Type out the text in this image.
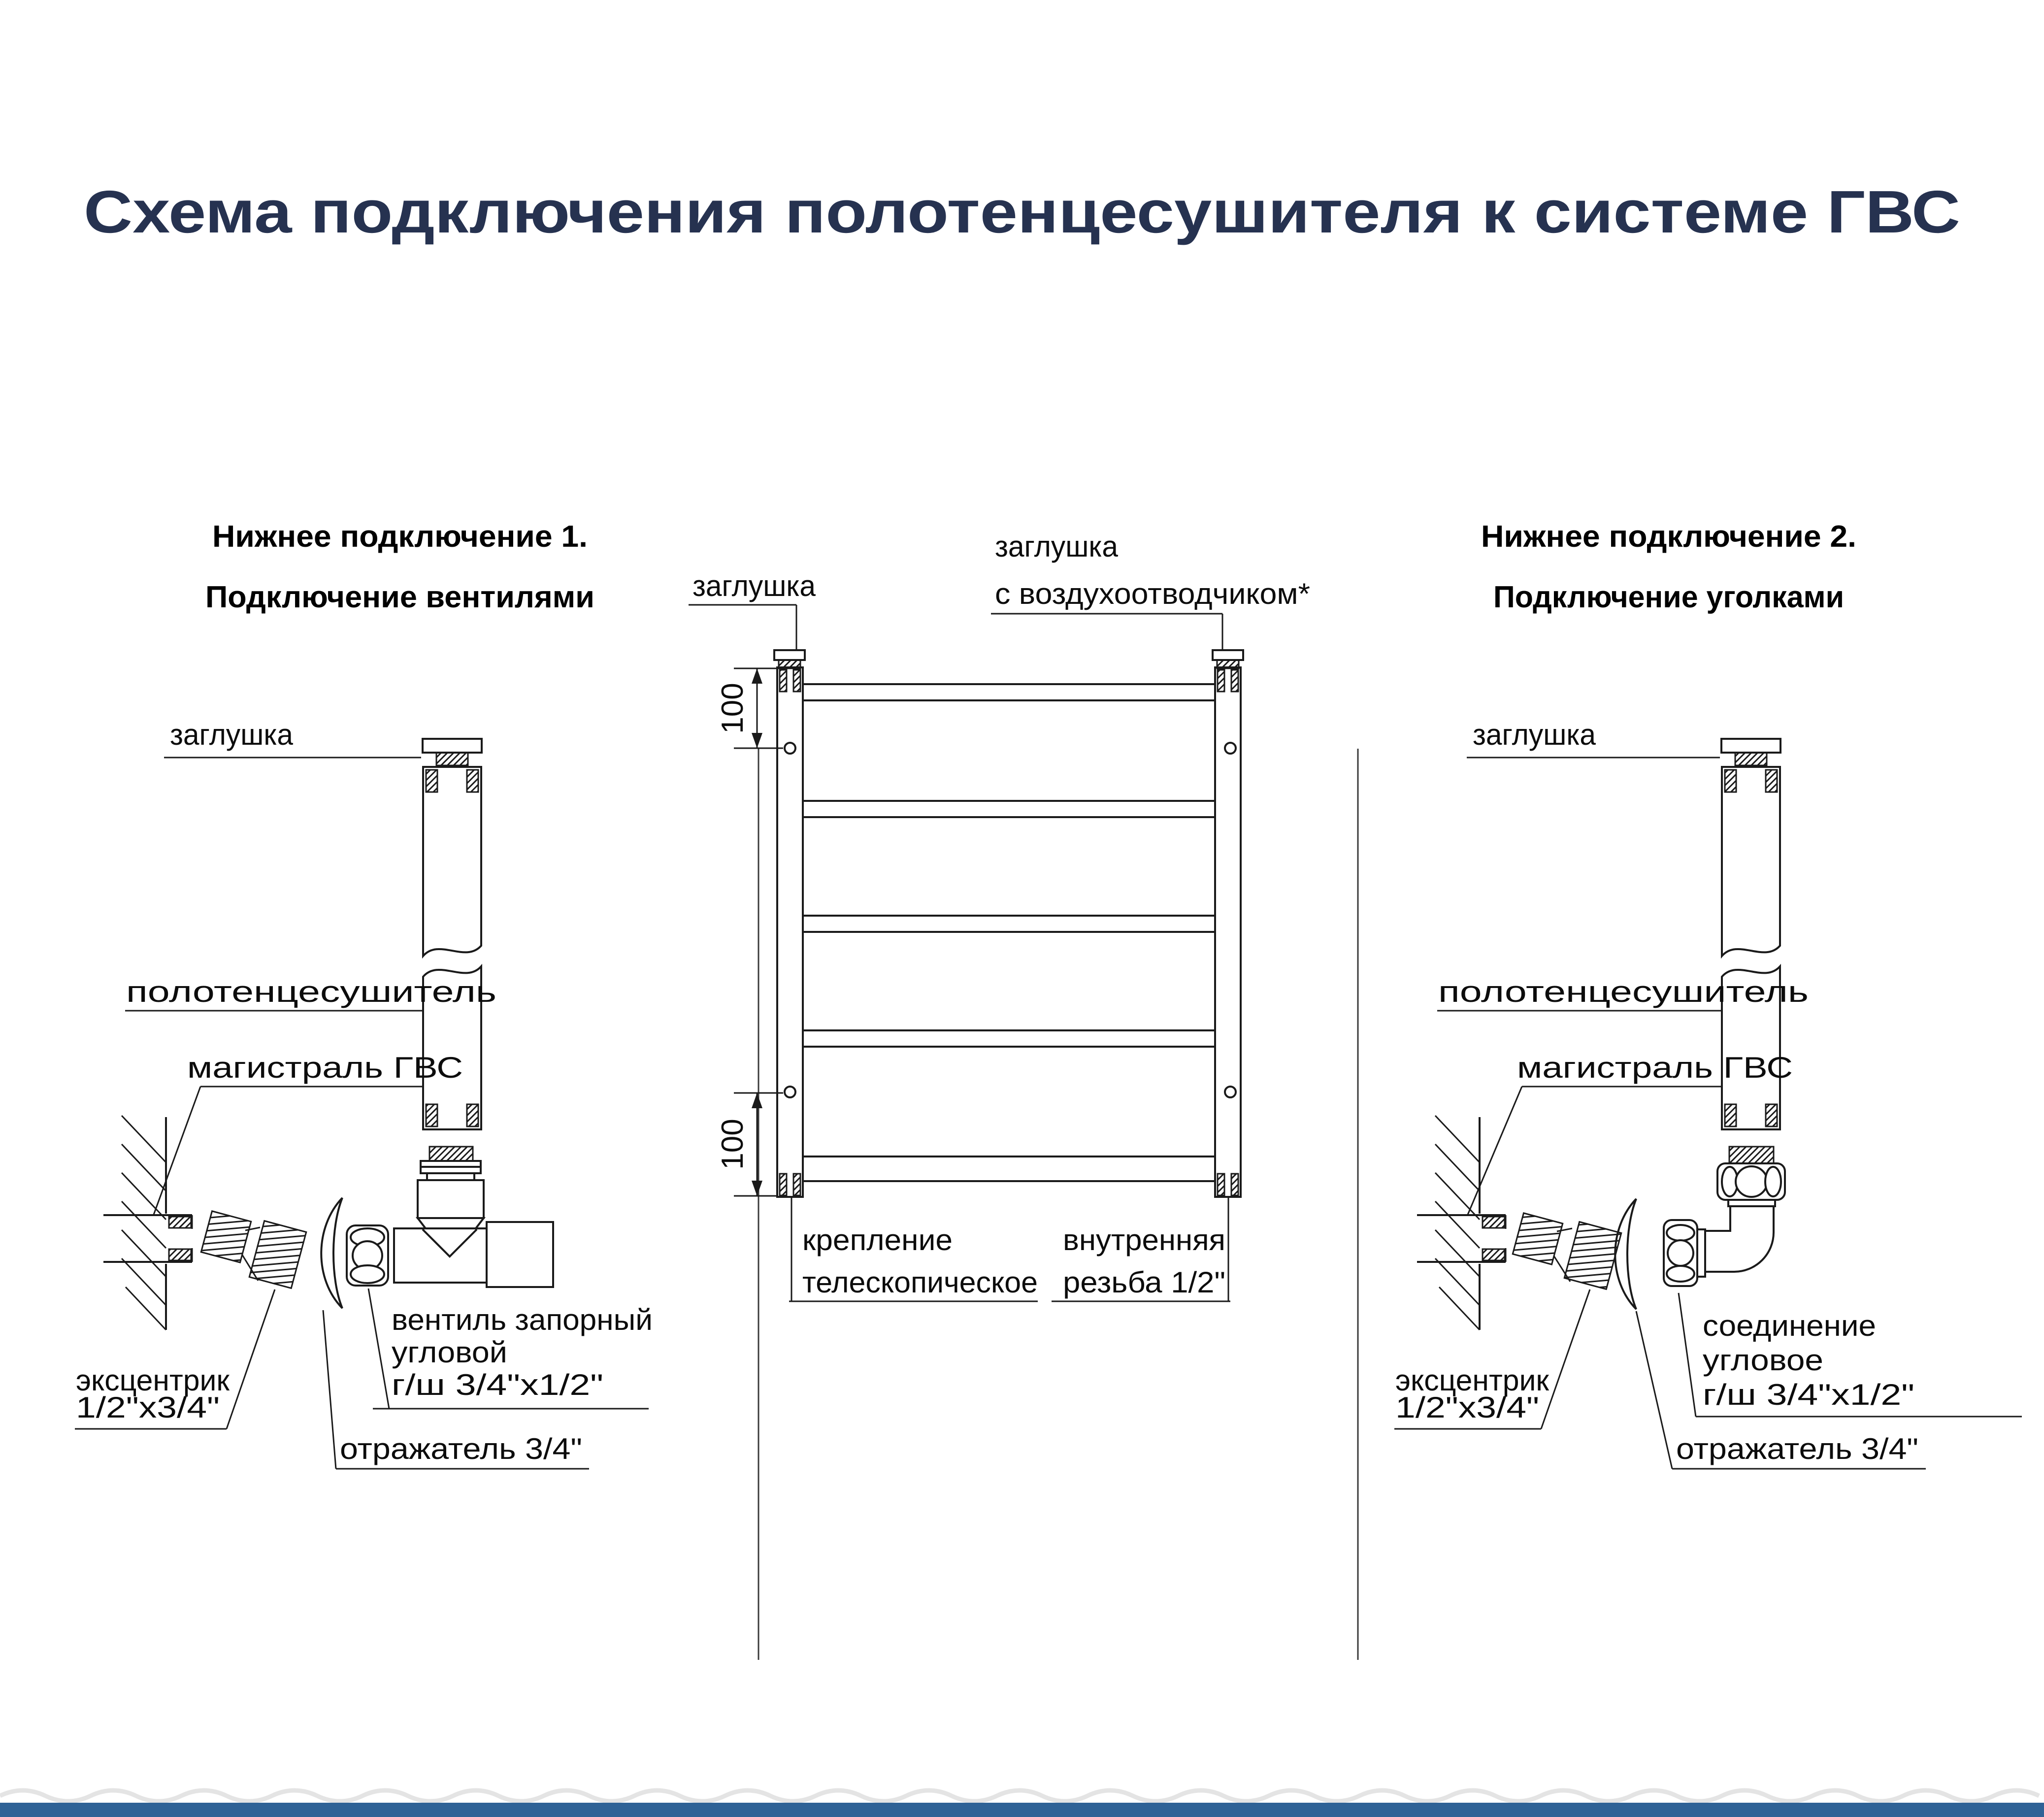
Схема подключения полотенцесушителя к системе ГВС
Нижнее подключение 1.
Подключение вентилями
Нижнее подключение 2.
Подключение уголками
100
100
заглушка
заглушка
с воздухоотводчиком*
крепление
телескопическое
внутренняя
резьба 1/2"
заглушка
полотенцесушитель
магистраль ГВС
эксцентрик
1/2"x3/4"
вентиль запорный
угловой
г/ш 3/4"x1/2"
отражатель 3/4"
заглушка
полотенцесушитель
магистраль ГВС
эксцентрик
1/2"x3/4"
соединение
угловое
г/ш 3/4"x1/2"
отражатель 3/4"
